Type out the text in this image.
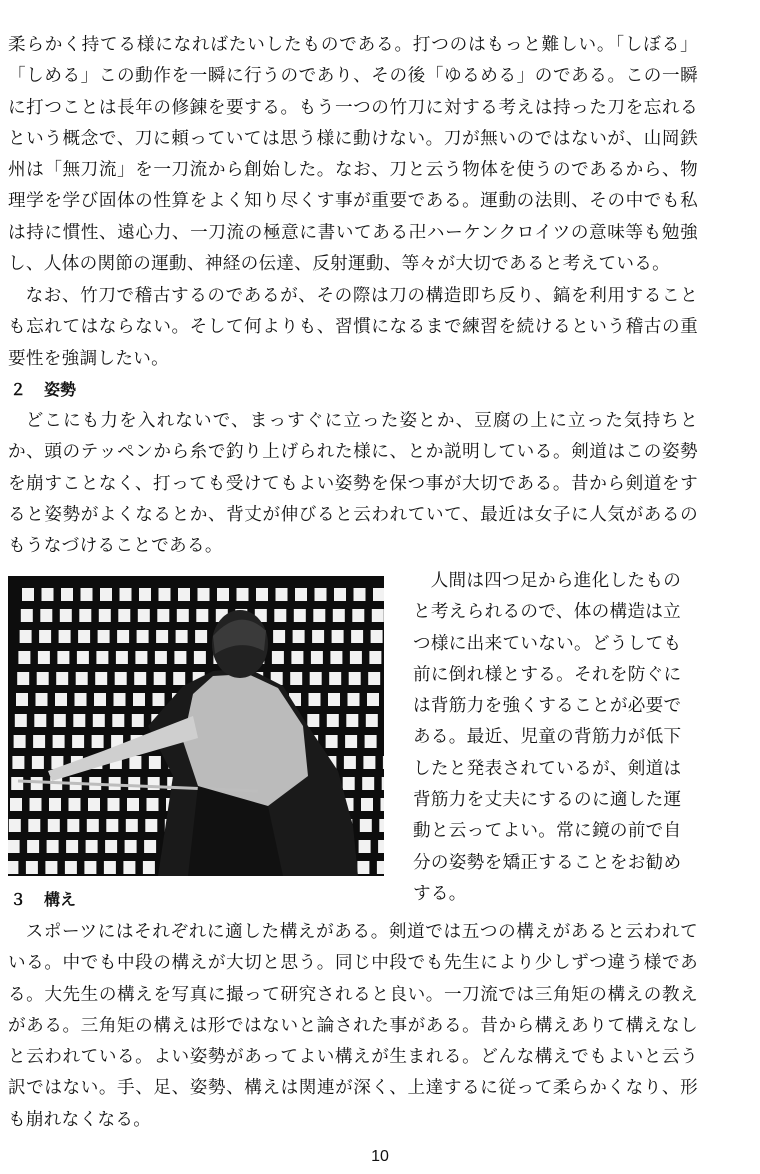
柔らかく持てる様になればたいしたものである。打つのはもっと難しい。「しぼる」「しめる」この動作を一瞬に行うのであり、その後「ゆるめる」のである。この一瞬に打つことは長年の修錬を要する。もう一つの竹刀に対する考えは持った刀を忘れるという概念で、刀に頼っていては思う様に動けない。刀が無いのではないが、山岡鉄州は「無刀流」を一刀流から創始した。なお、刀と云う物体を使うのであるから、物理学を学び固体の性算をよく知り尽くす事が重要である。運動の法則、その中でも私は持に慣性、遠心力、一刀流の極意に書いてある卍ハーケンクロイツの意味等も勉強し、人体の関節の運動、神経の伝達、反射運動、等々が大切であると考えている。

なお、竹刀で稽古するのであるが、その際は刀の構造即ち反り、鎬を利用することも忘れてはならない。そして何よりも、習慣になるまで練習を続けるという稽古の重要性を強調したい。

２ 姿勢

どこにも力を入れないで、まっすぐに立った姿とか、豆腐の上に立った気持ちとか、頭のテッペンから糸で釣り上げられた様に、とか説明している。剣道はこの姿勢を崩すことなく、打っても受けてもよい姿勢を保つ事が大切である。昔から剣道をすると姿勢がよくなるとか、背丈が伸びると云われていて、最近は女子に人気があるのもうなづけることである。

人間は四つ足から進化したものと考えられるので、体の構造は立つ様に出来ていない。どうしても前に倒れ様とする。それを防ぐには背筋力を強くすることが必要である。最近、児童の背筋力が低下したと発表されているが、剣道は背筋力を丈夫にするのに適した運動と云ってよい。常に鏡の前で自分の姿勢を矯正することをお勧めする。

３ 構え

スポーツにはそれぞれに適した構えがある。剣道では五つの構えがあると云われている。中でも中段の構えが大切と思う。同じ中段でも先生により少しずつ違う様である。大先生の構えを写真に撮って研究されると良い。一刀流では三角矩の構えの教えがある。三角矩の構えは形ではないと論された事がある。昔から構えありて構えなしと云われている。よい姿勢があってよい構えが生まれる。どんな構えでもよいと云う訳ではない。手、足、姿勢、構えは関連が深く、上達するに従って柔らかくなり、形も崩れなくなる。

10
